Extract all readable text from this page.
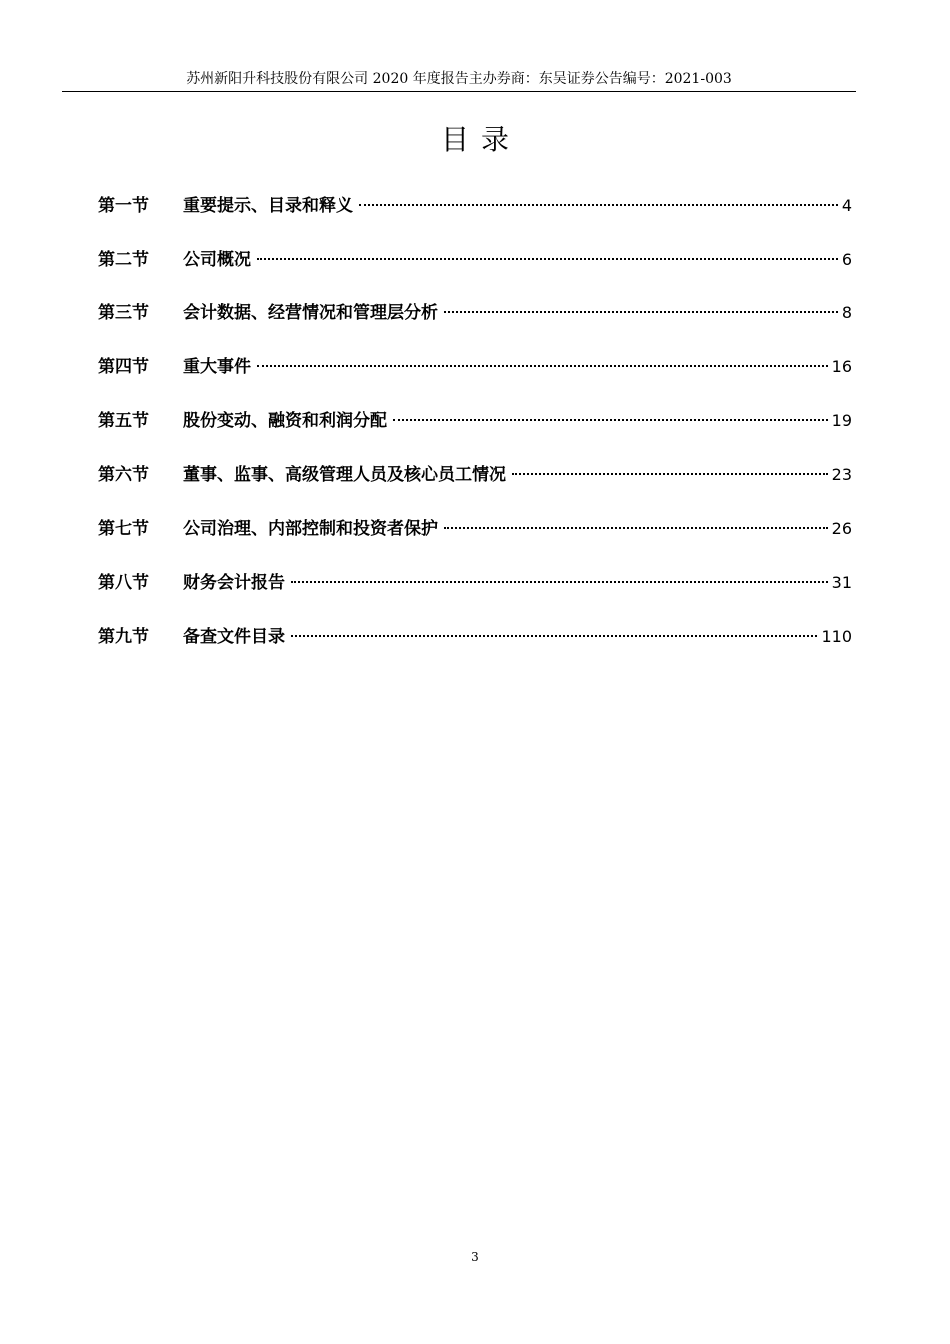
苏州新阳升科技股份有限公司 2020 年度报告主办券商：东吴证券公告编号：2021-003
目录
第一节	重要提示、目录和释义	4
第二节	公司概况	6
第三节	会计数据、经营情况和管理层分析	8
第四节	重大事件	16
第五节	股份变动、融资和利润分配	19
第六节	董事、监事、高级管理人员及核心员工情况	23
第七节	公司治理、内部控制和投资者保护	26
第八节	财务会计报告	31
第九节	备查文件目录	110
3
